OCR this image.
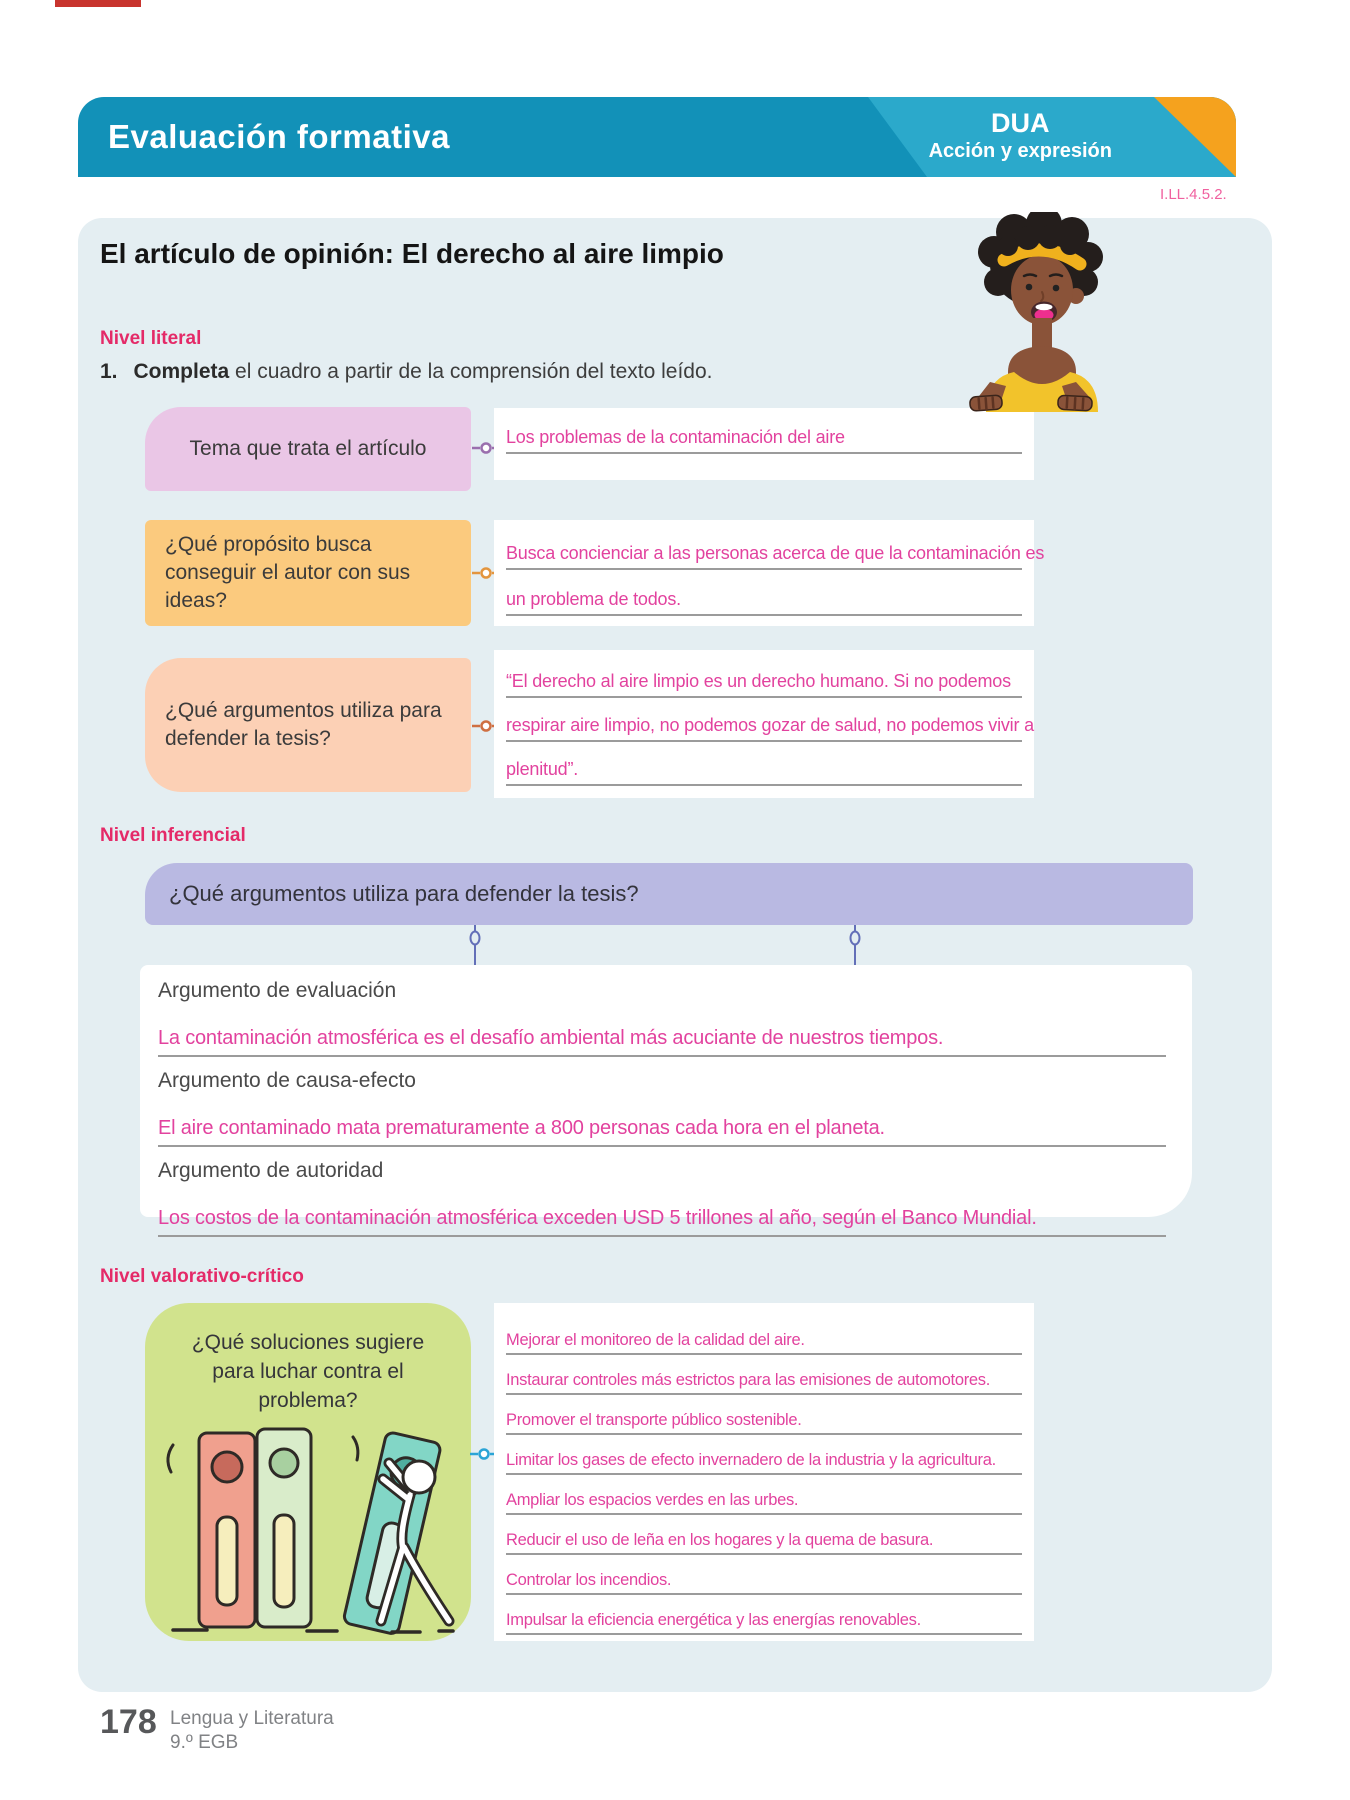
Evaluación formativa	DUA
Acción y expresión
I.LL.4.5.2.
El artículo de opinión: El derecho al aire limpio
Nivel literal
1. Completa el cuadro a partir de la comprensión del texto leído.
Tema que trata el artículo
Los problemas de la contaminación del aire
¿Qué propósito busca conseguir el autor con sus ideas?
Busca concienciar a las personas acerca de que la contaminación es
un problema de todos.
¿Qué argumentos utiliza para defender la tesis?
“El derecho al aire limpio es un derecho humano. Si no podemos
respirar aire limpio, no podemos gozar de salud, no podemos vivir a
plenitud”.
Nivel inferencial
¿Qué argumentos utiliza para defender la tesis?
Argumento de evaluación
La contaminación atmosférica es el desafío ambiental más acuciante de nuestros tiempos.
Argumento de causa-efecto
El aire contaminado mata prematuramente a 800 personas cada hora en el planeta.
Argumento de autoridad
Los costos de la contaminación atmosférica exceden USD 5 trillones al año, según el Banco Mundial.
Nivel valorativo-crítico
¿Qué soluciones sugiere para luchar contra el problema?
Mejorar el monitoreo de la calidad del aire.
Instaurar controles más estrictos para las emisiones de automotores.
Promover el transporte público sostenible.
Limitar los gases de efecto invernadero de la industria y la agricultura.
Ampliar los espacios verdes en las urbes.
Reducir el uso de leña en los hogares y la quema de basura.
Controlar los incendios.
Impulsar la eficiencia energética y las energías renovables.
178 Lengua y Literatura
9.º EGB
